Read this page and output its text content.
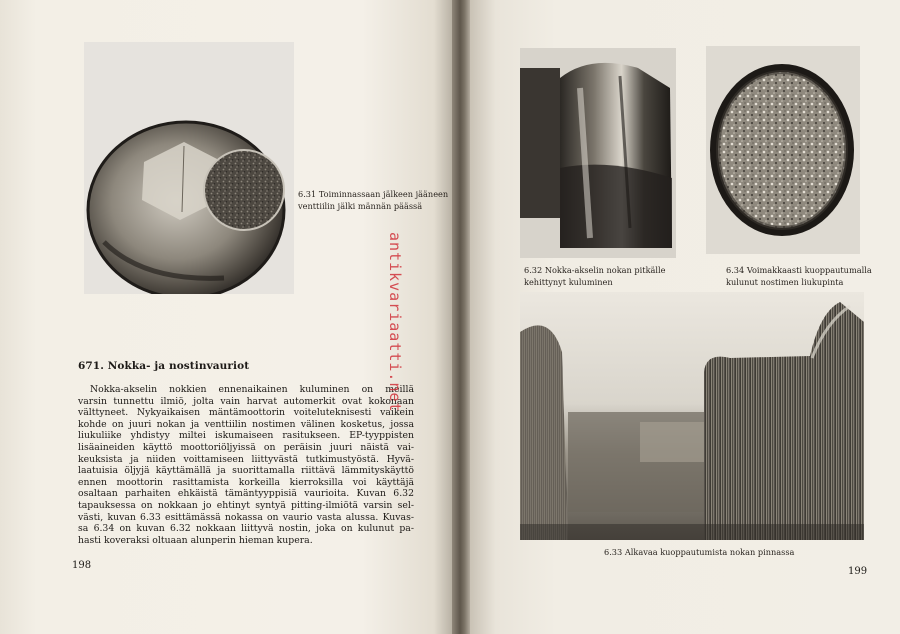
6.31 Toiminnassaan jälkeen jääneen
venttiilin jälki männän päässä
671. Nokka- ja nostinvauriot
Nokka-akselin nokkien ennenaikainen kuluminen on meillä
varsin tunnettu ilmiö, jolta vain harvat automerkit ovat kokonaan
välttyneet. Nykyaikaisen mäntämoottorin voiteluteknisesti vaikein
kohde on juuri nokan ja venttiilin nostimen välinen kosketus, jossa
liukuliike yhdistyy miltei iskumaiseen rasitukseen. EP-tyyppisten
lisäaineiden käyttö moottoriöljyissä on peräisin juuri näistä vai-
keuksista ja niiden voittamiseen liittyvästä tutkimustyöstä. Hyvä-
laatuisia öljyjä käyttämällä ja suorittamalla riittävä lämmityskäyttö
ennen moottorin rasittamista korkeilla kierroksilla voi käyttäjä
osaltaan parhaiten ehkäistä tämäntyyppisiä vaurioita. Kuvan 6.32
tapauksessa on nokkaan jo ehtinyt syntyä pitting-ilmiötä varsin sel-
västi, kuvan 6.33 esittämässä nokassa on vaurio vasta alussa. Kuvas-
sa 6.34 on kuvan 6.32 nokkaan liittyvä nostin, joka on kulunut pa-
hasti koveraksi oltuaan alunperin hieman kupera.
198
antikvariaatti.net	6.32 Nokka-akselin nokan pitkälle
kehittynyt kuluminen
6.34 Voimakkaasti kuoppautumalla
kulunut nostimen liukupinta
6.33 Alkavaa kuoppautumista nokan pinnassa
199
